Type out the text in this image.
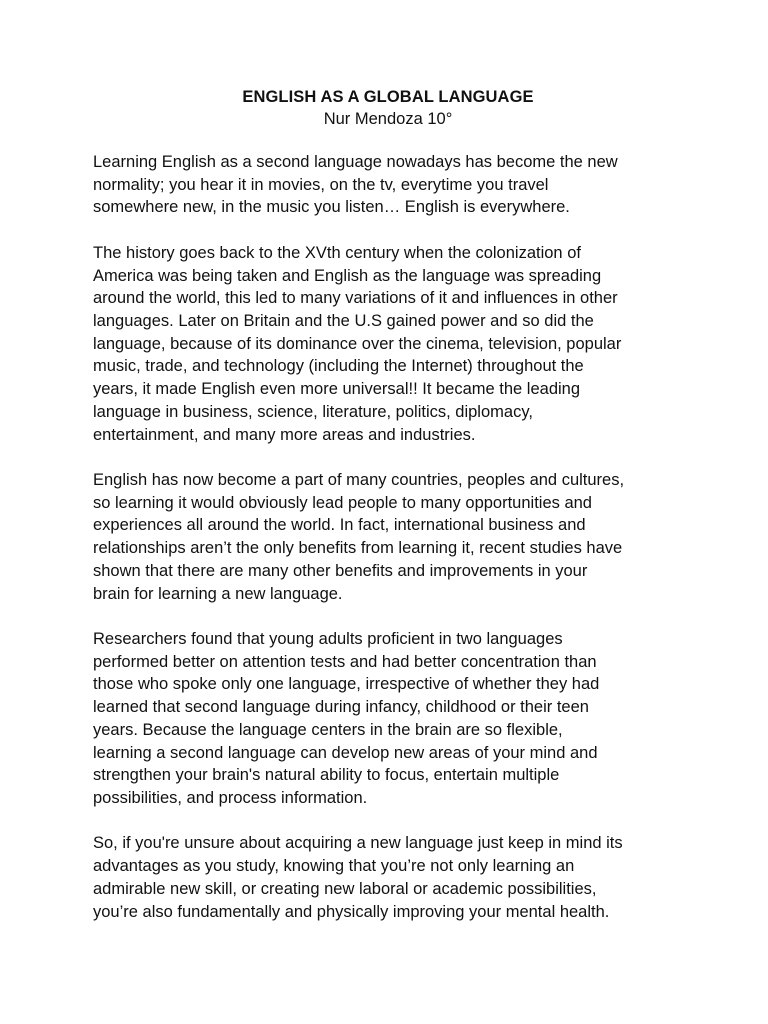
ENGLISH AS A GLOBAL LANGUAGE
Nur Mendoza 10°

Learning English as a second language nowadays has become the new
normality; you hear it in movies, on the tv, everytime you travel
somewhere new, in the music you listen… English is everywhere.

The history goes back to the XVth century when the colonization of
America was being taken and English as the language was spreading
around the world, this led to many variations of it and influences in other
languages. Later on Britain and the U.S gained power and so did the
language, because of its dominance over the cinema, television, popular
music, trade, and technology (including the Internet) throughout the
years, it made English even more universal!! It became the leading
language in business, science, literature, politics, diplomacy,
entertainment, and many more areas and industries.

English has now become a part of many countries, peoples and cultures,
so learning it would obviously lead people to many opportunities and
experiences all around the world. In fact, international business and
relationships aren’t the only benefits from learning it, recent studies have
shown that there are many other benefits and improvements in your
brain for learning a new language.

Researchers found that young adults proficient in two languages
performed better on attention tests and had better concentration than
those who spoke only one language, irrespective of whether they had
learned that second language during infancy, childhood or their teen
years. Because the language centers in the brain are so flexible,
learning a second language can develop new areas of your mind and
strengthen your brain's natural ability to focus, entertain multiple
possibilities, and process information.

So, if you're unsure about acquiring a new language just keep in mind its
advantages as you study, knowing that you’re not only learning an
admirable new skill, or creating new laboral or academic possibilities,
you’re also fundamentally and physically improving your mental health.
